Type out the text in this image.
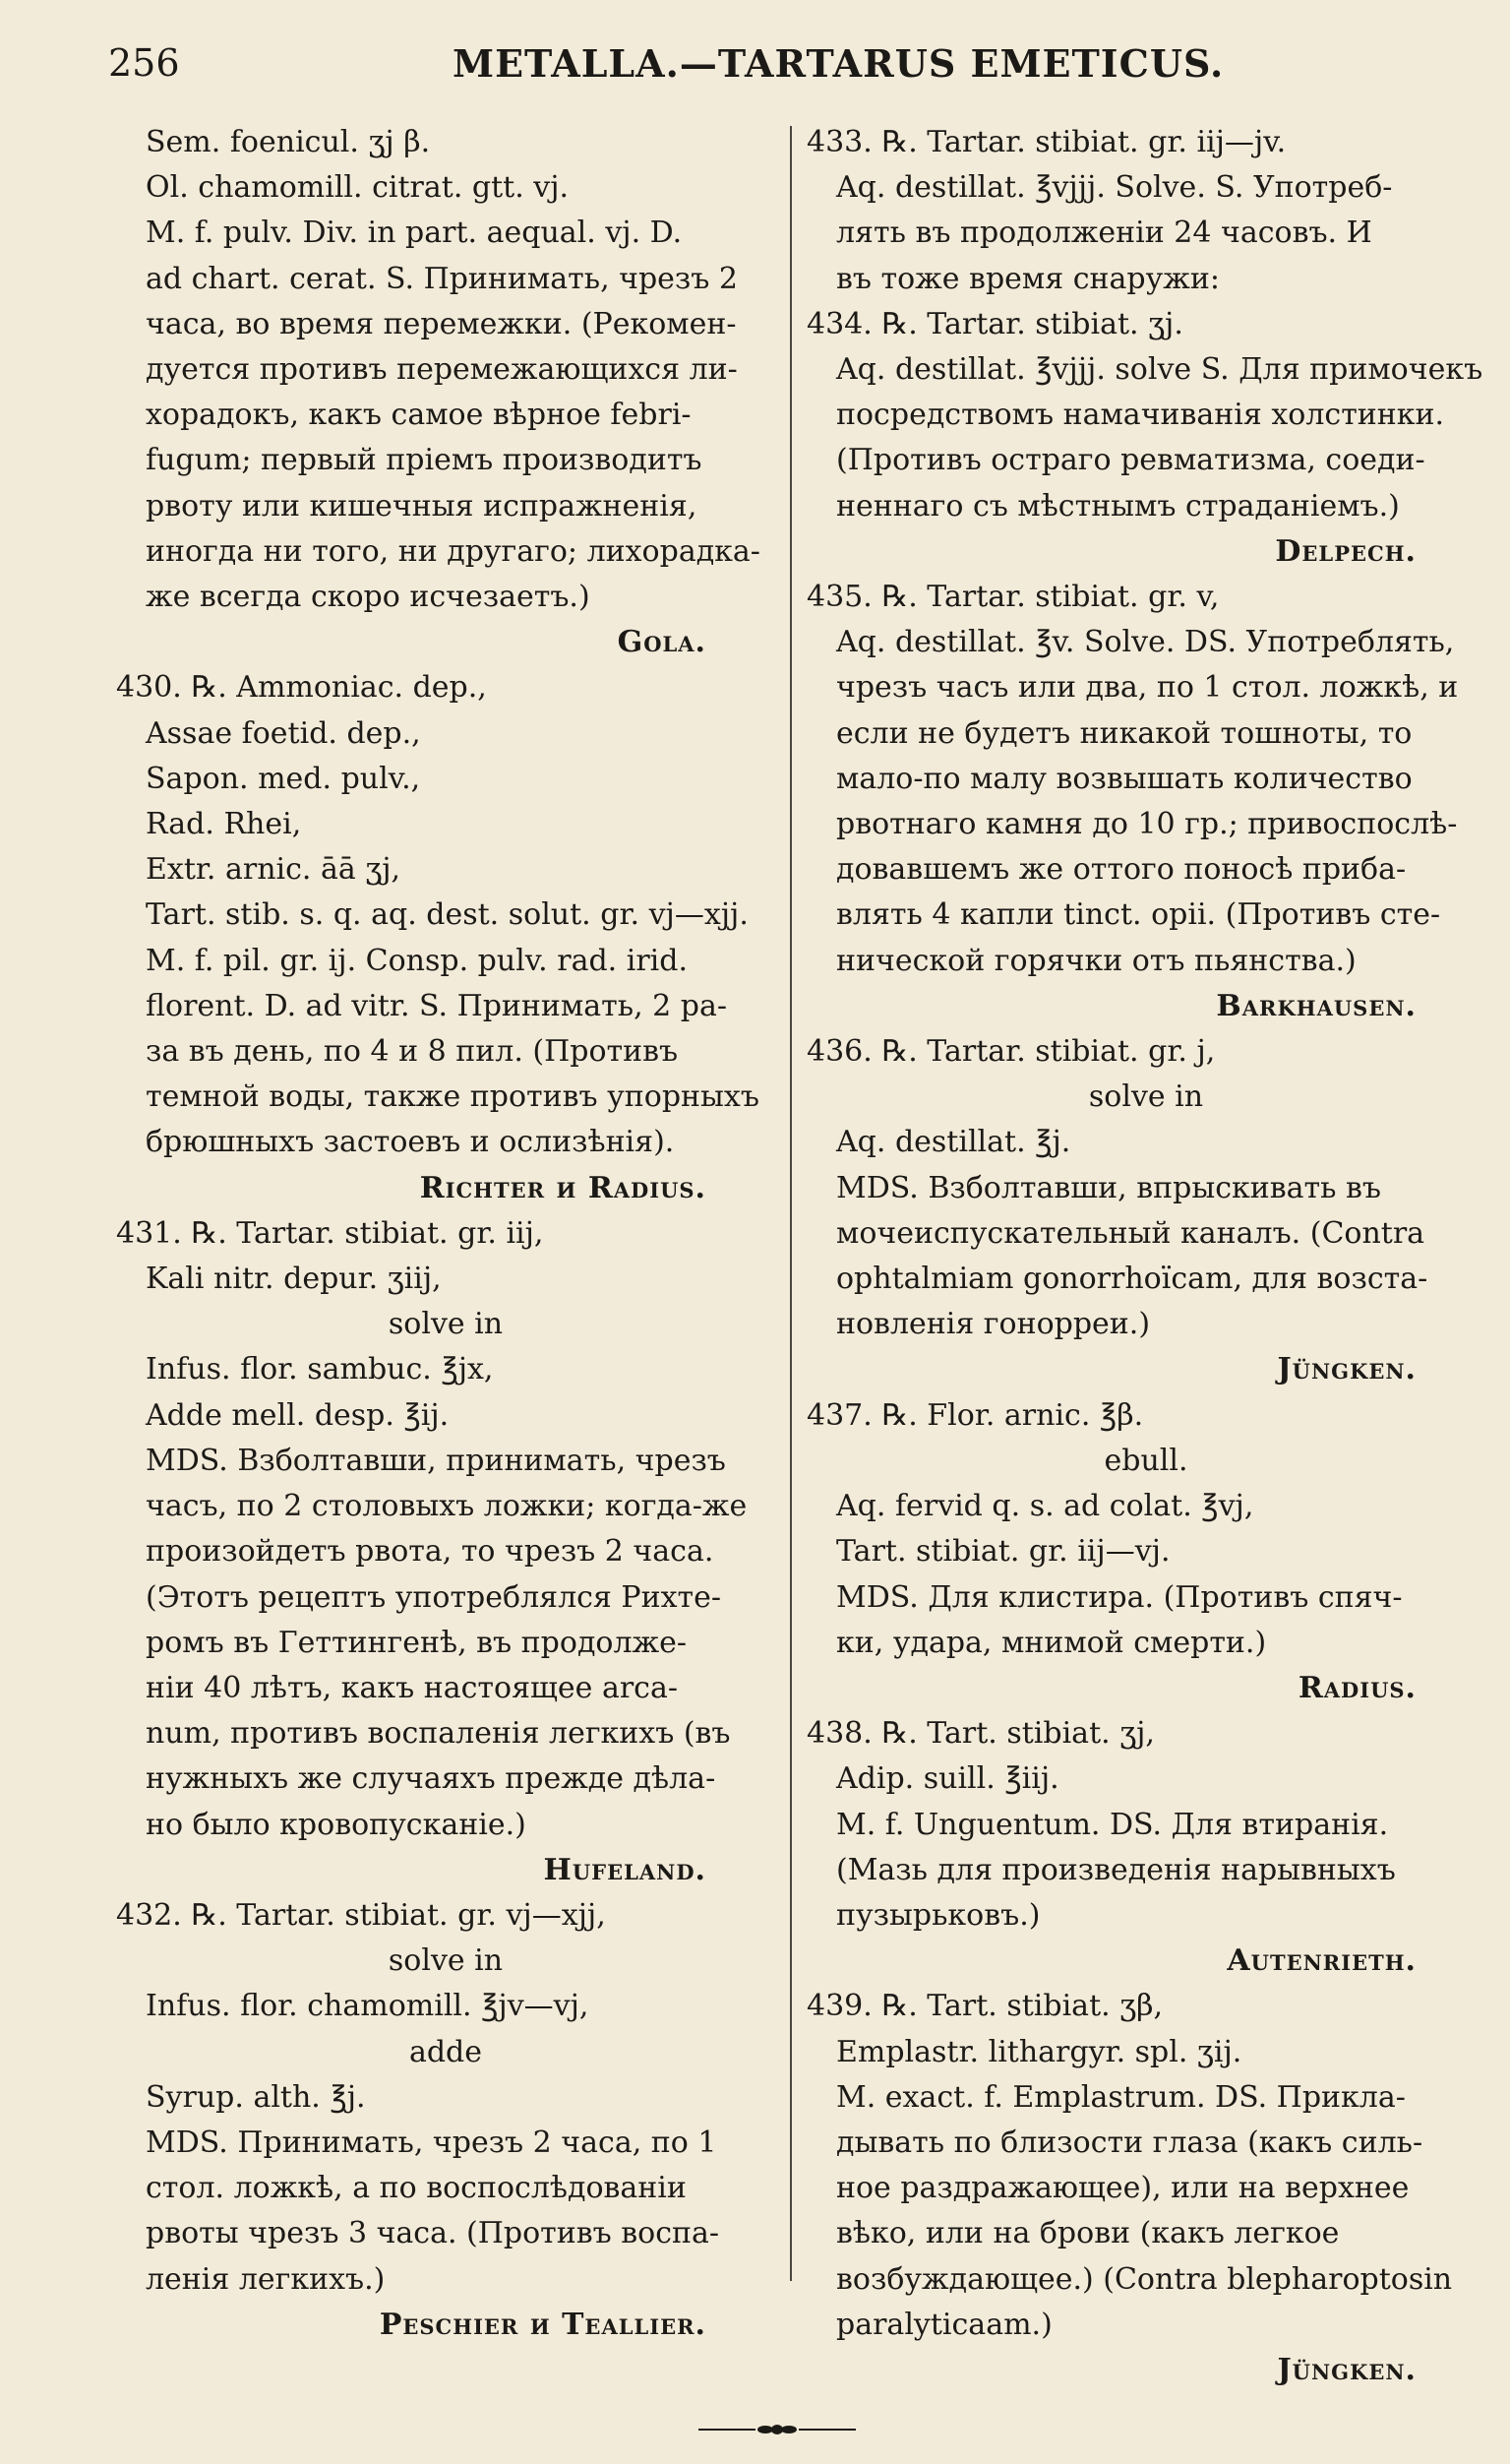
256	METALLA.—TARTARUS EMETICUS.
Sem. foenicul. ʒj β.
Ol. chamomill. citrat. gtt. vj.
M. f. pulv. Div. in part. aequal. vj. D.
ad chart. cerat. S. Принимать, чрезъ 2
часа, во время перемежки. (Рекомен-
дуется противъ перемежающихся ли-
хорадокъ, какъ самое вѣрное febri-
fugum; первый прiемъ производитъ
рвоту или кишечныя испражненiя,
иногда ни того, ни другаго; лихорадка-
же всегда скоро исчезаетъ.)
Gola.
430. ℞. Ammoniac. dep.,
Assae foetid. dep.,
Sapon. med. pulv.,
Rad. Rhei,
Extr. arnic. āā ʒj,
Tart. stib. s. q. aq. dest. solut. gr. vj—xjj.
M. f. pil. gr. ij. Consp. pulv. rad. irid.
florent. D. ad vitr. S. Принимать, 2 ра-
за въ день, по 4 и 8 пил. (Противъ
темной воды, также противъ упорныхъ
брюшныхъ застоевъ и ослизѣнiя).
Richter и Radius.
431. ℞. Tartar. stibiat. gr. iij,
Kali nitr. depur. ʒiij,
solve in
Infus. flor. sambuc. ℥jx,
Adde mell. desp. ℥ij.
MDS. Взболтавши, принимать, чрезъ
часъ, по 2 столовыхъ ложки; когда-же
произойдетъ рвота, то чрезъ 2 часа.
(Этотъ рецептъ употреблялся Рихте-
ромъ въ Геттингенѣ, въ продолже-
нiи 40 лѣтъ, какъ настоящее arca-
num, противъ воспаленiя легкихъ (въ
нужныхъ же случаяхъ прежде дѣла-
но было кровопусканiе.)
Hufeland.
432. ℞. Tartar. stibiat. gr. vj—xjj,
solve in
Infus. flor. chamomill. ℥jv—vj,
adde
Syrup. alth. ℥j.
MDS. Принимать, чрезъ 2 часа, по 1
стол. ложкѣ, а по воспослѣдованiи
рвоты чрезъ 3 часа. (Противъ воспа-
ленiя легкихъ.)
Peschier и Teallier.
433. ℞. Tartar. stibiat. gr. iij—jv.
Aq. destillat. ℥vjjj. Solve. S. Употреб-
лять въ продолженiи 24 часовъ. И
въ тоже время снаружи:
434. ℞. Tartar. stibiat. ʒj.
Aq. destillat. ℥vjjj. solve S. Для примочекъ
посредствомъ намачиванiя холстинки.
(Противъ остраго ревматизма, соеди-
неннаго съ мѣстнымъ страданiемъ.)
Delpech.
435. ℞. Tartar. stibiat. gr. v,
Aq. destillat. ℥v. Solve. DS. Употреблять,
чрезъ часъ или два, по 1 стол. ложкѣ, и
если не будетъ никакой тошноты, то
мало-по малу возвышать количество
рвотнаго камня до 10 гр.; привоспослѣ-
довавшемъ же оттого поносѣ приба-
влять 4 капли tinct. opii. (Противъ сте-
нической горячки отъ пьянства.)
Barkhausen.
436. ℞. Tartar. stibiat. gr. j,
solve in
Aq. destillat. ℥j.
MDS. Взболтавши, впрыскивать въ
мочеиспускательный каналъ. (Contra
ophtalmiam gonorrhoïcam, для возста-
новленiя гонорреи.)
Jüngken.
437. ℞. Flor. arnic. ℥β.
ebull.
Aq. fervid q. s. ad colat. ℥vj,
Tart. stibiat. gr. iij—vj.
MDS. Для клистира. (Противъ спяч-
ки, удара, мнимой смерти.)
Radius.
438. ℞. Tart. stibiat. ʒj,
Adip. suill. ℥iij.
M. f. Unguentum. DS. Для втиранiя.
(Мазь для произведенiя нарывныхъ
пузырьковъ.)
Autenrieth.
439. ℞. Tart. stibiat. ʒβ,
Emplastr. lithargyr. spl. ʒij.
M. exact. f. Emplastrum. DS. Прикла-
дывать по близости глаза (какъ силь-
ное раздражающее), или на верхнее
вѣко, или на брови (какъ легкое
возбуждающее.) (Contra blepharoptosin
paralyticaam.)
Jüngken.
